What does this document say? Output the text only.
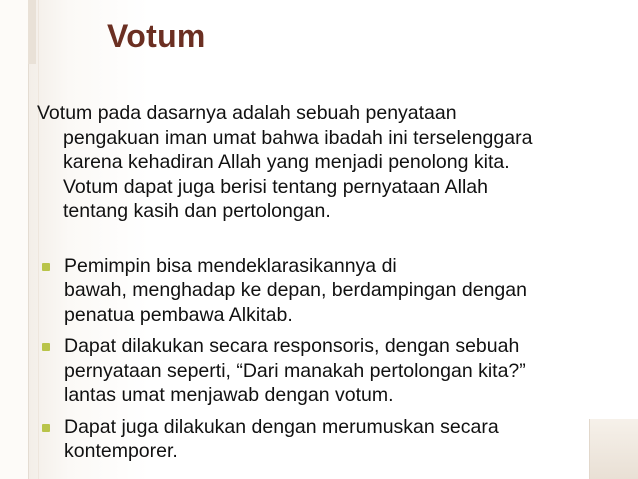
Votum
Votum pada dasarnya adalah sebuah penyataan
pengakuan iman umat bahwa ibadah ini terselenggara
karena kehadiran Allah yang menjadi penolong kita.
Votum dapat juga berisi tentang pernyataan Allah
tentang kasih dan pertolongan.
Pemimpin bisa mendeklarasikannya di
bawah, menghadap ke depan, berdampingan dengan
penatua pembawa Alkitab.
Dapat dilakukan secara responsoris, dengan sebuah
pernyataan seperti, “Dari manakah pertolongan kita?”
lantas umat menjawab dengan votum.
Dapat juga dilakukan dengan merumuskan secara
kontemporer.
